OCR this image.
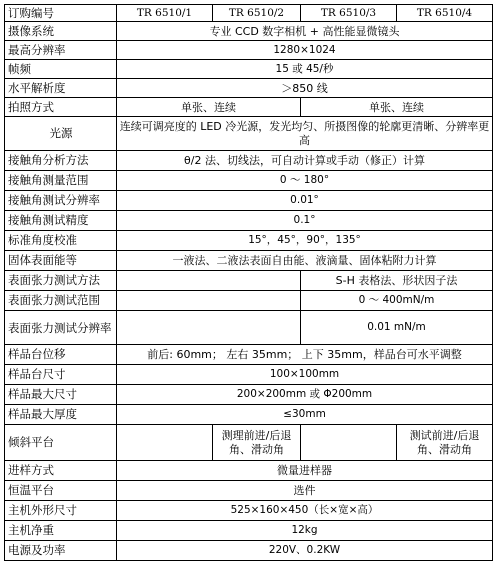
订购编号	TR 6510/1	TR 6510/2	TR 6510/3	TR 6510/4
摄像系统	专业 CCD 数字相机 + 高性能显微镜头			
最高分辨率	1280×1024			
帧频	15 或 45/秒			
水平解析度	＞850 线			
拍照方式	单张、连续		单张、连续	
光源	连续可调亮度的 LED 冷光源，发光均匀、所摄图像的轮廓更清晰、分辨率更高			
接触角分析方法	θ/2 法、切线法，可自动计算或手动（修正）计算			
接触角测量范围	0 ～ 180°			
接触角测试分辨率	0.01°			
接触角测试精度	0.1°			
标准角度校准	15°，45°，90°，135°			
固体表面能等	一液法、二液法表面自由能、液滴量、固体粘附力计算			
表面张力测试方法			S-H 表格法、形状因子法	
表面张力测试范围			0 ～ 400mN/m	
表面张力测试分辨率			0.01 mN/m	
样品台位移	前后: 60mm； 左右 35mm； 上下 35mm，样品台可水平调整			
样品台尺寸	100×100mm			
样品最大尺寸	200×200mm 或 Φ200mm			
样品最大厚度	≤30mm			
倾斜平台		测理前进/后退角、滑动角		测试前进/后退角、滑动角
进样方式	微量进样器			
恒温平台	选件			
主机外形尺寸	525×160×450（长×宽×高）			
主机净重	12kg			
电源及功率	220V、0.2KW			
